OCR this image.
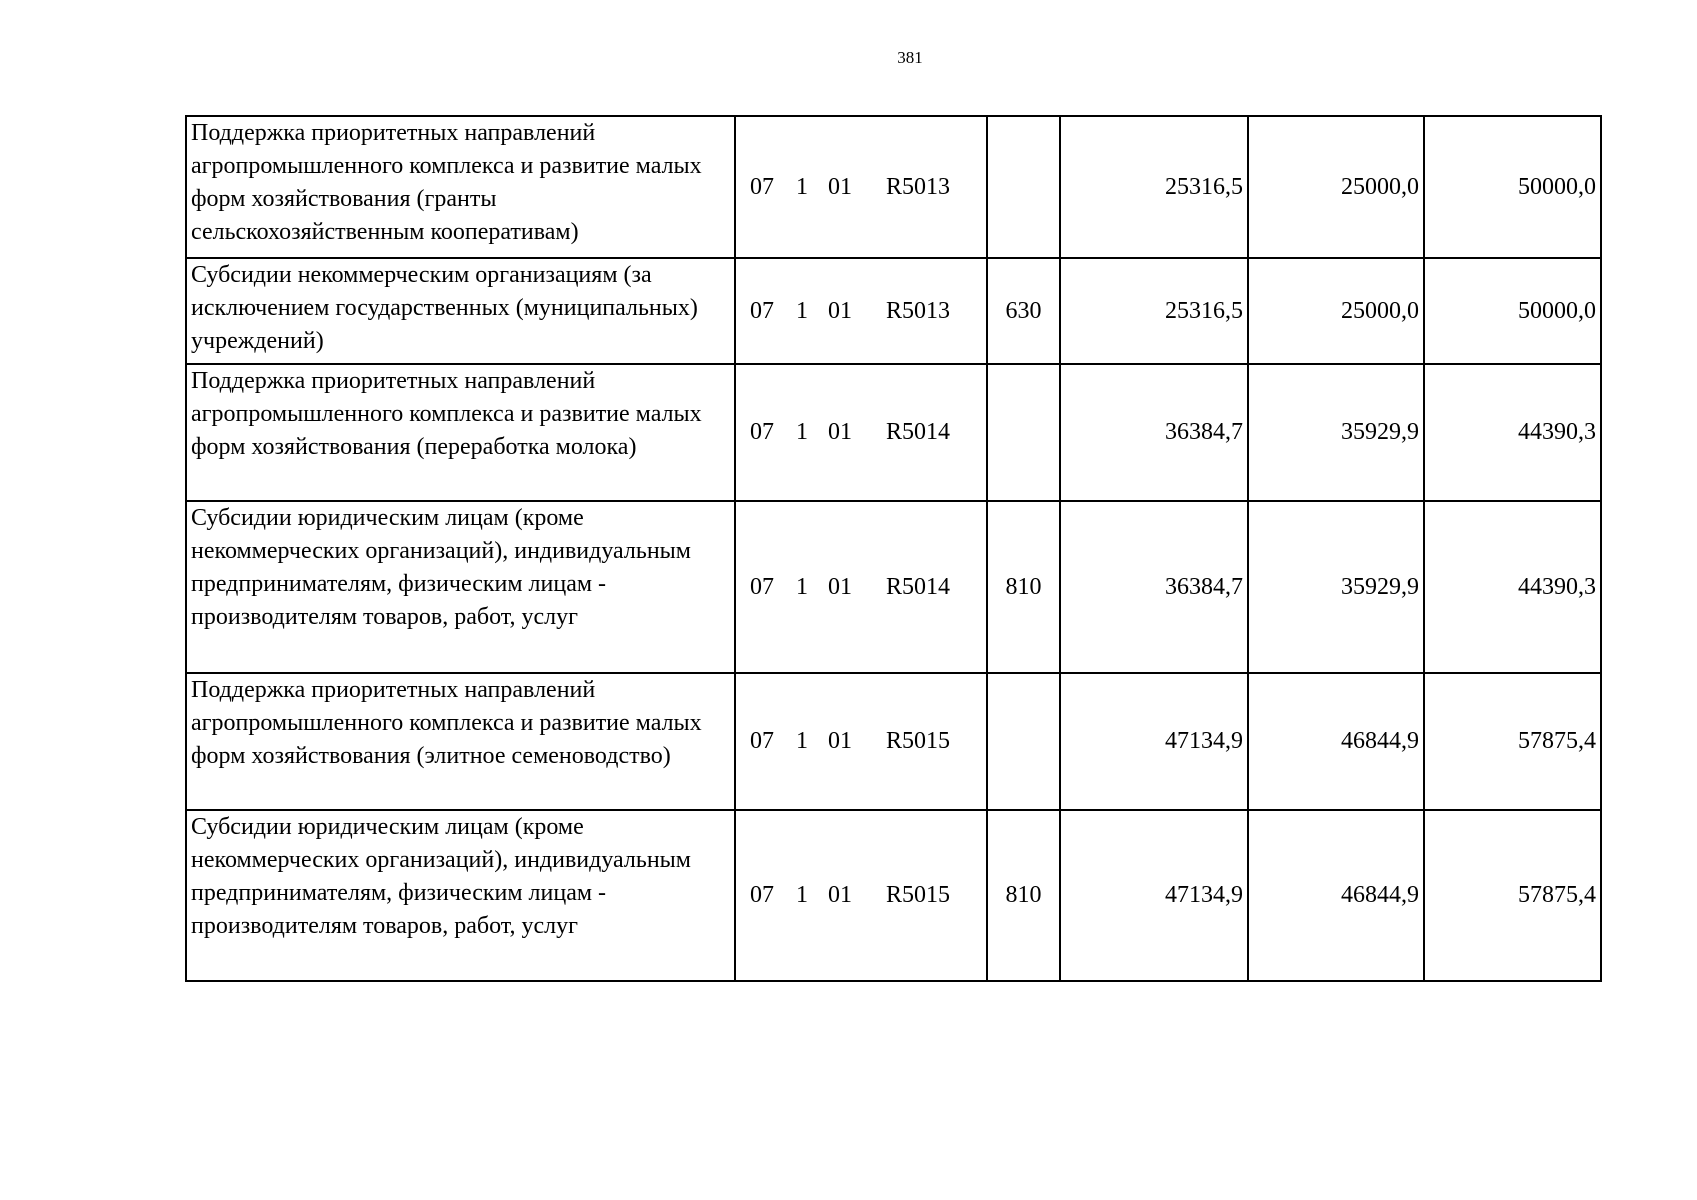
381
Поддержка приоритетных направлений агропромышленного комплекса и развитие малых форм хозяйствования (гранты сельскохозяйственным кооперативам)	07 1 01 R5013		25316,5	25000,0	50000,0
Субсидии некоммерческим организациям (за исключением государственных (муниципальных) учреждений)	07 1 01 R5013	630	25316,5	25000,0	50000,0
Поддержка приоритетных направлений агропромышленного комплекса и развитие малых форм хозяйствования (переработка молока)	07 1 01 R5014		36384,7	35929,9	44390,3
Субсидии юридическим лицам (кроме некоммерческих организаций), индивидуальным предпринимателям, физическим лицам - производителям товаров, работ, услуг	07 1 01 R5014	810	36384,7	35929,9	44390,3
Поддержка приоритетных направлений агропромышленного комплекса и развитие малых форм хозяйствования (элитное семеноводство)	07 1 01 R5015		47134,9	46844,9	57875,4
Субсидии юридическим лицам (кроме некоммерческих организаций), индивидуальным предпринимателям, физическим лицам - производителям товаров, работ, услуг	07 1 01 R5015	810	47134,9	46844,9	57875,4
